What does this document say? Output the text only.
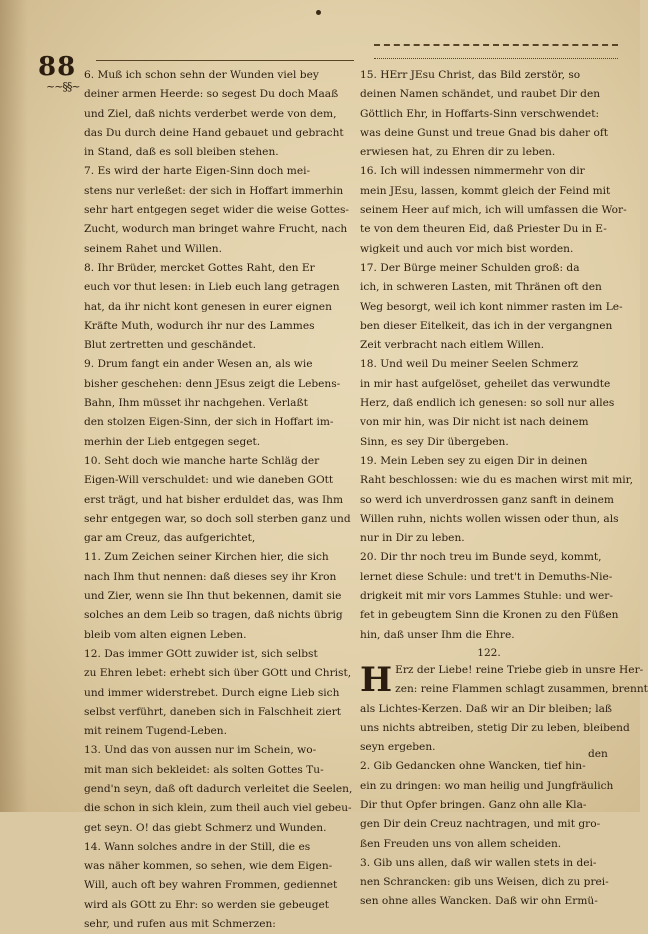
88
~~§§~
6. Muß ich schon sehn der Wunden viel bey
deiner armen Heerde: so segest Du doch Maaß
und Ziel, daß nichts verderbet werde von dem,
das Du durch deine Hand gebauet und gebracht
in Stand, daß es soll bleiben stehen.
7. Es wird der harte Eigen-Sinn doch mei-
stens nur verleßet: der sich in Hoffart immerhin
sehr hart entgegen seget wider die weise Gottes-
Zucht, wodurch man bringet wahre Frucht, nach
seinem Rahet und Willen.
8. Ihr Brüder, mercket Gottes Raht, den Er
euch vor thut lesen: in Lieb euch lang getragen
hat, da ihr nicht kont genesen in eurer eignen
Kräfte Muth, wodurch ihr nur des Lammes
Blut zertretten und geschändet.
9. Drum fangt ein ander Wesen an, als wie
bisher geschehen: denn JEsus zeigt die Lebens-
Bahn, Ihm müsset ihr nachgehen. Verlaßt
den stolzen Eigen-Sinn, der sich in Hoffart im-
merhin der Lieb entgegen seget.
10. Seht doch wie manche harte Schläg der
Eigen-Will verschuldet: und wie daneben GOtt
erst trägt, und hat bisher erduldet das, was Ihm
sehr entgegen war, so doch soll sterben ganz und
gar am Creuz, das aufgerichtet,
11. Zum Zeichen seiner Kirchen hier, die sich
nach Ihm thut nennen: daß dieses sey ihr Kron
und Zier, wenn sie Ihn thut bekennen, damit sie
solches an dem Leib so tragen, daß nichts übrig
bleib vom alten eignen Leben.
12. Das immer GOtt zuwider ist, sich selbst
zu Ehren lebet: erhebt sich über GOtt und Christ,
und immer widerstrebet. Durch eigne Lieb sich
selbst verführt, daneben sich in Falschheit ziert
mit reinem Tugend-Leben.
13. Und das von aussen nur im Schein, wo-
mit man sich bekleidet: als solten Gottes Tu-
gend'n seyn, daß oft dadurch verleitet die Seelen,
die schon in sich klein, zum theil auch viel gebeu-
get seyn. O! das giebt Schmerz und Wunden.
14. Wann solches andre in der Still, die es
was näher kommen, so sehen, wie dem Eigen-
Will, auch oft bey wahren Frommen, gediennet
wird als GOtt zu Ehr: so werden sie gebeuget
sehr, und rufen aus mit Schmerzen:
15. HErr JEsu Christ, das Bild zerstör, so
deinen Namen schändet, und raubet Dir den
Göttlich Ehr, in Hoffarts-Sinn verschwendet:
was deine Gunst und treue Gnad bis daher oft
erwiesen hat, zu Ehren dir zu leben.
16. Ich will indessen nimmermehr von dir
mein JEsu, lassen, kommt gleich der Feind mit
seinem Heer auf mich, ich will umfassen die Wor-
te von dem theuren Eid, daß Priester Du in E-
wigkeit und auch vor mich bist worden.
17. Der Bürge meiner Schulden groß: da
ich, in schweren Lasten, mit Thränen oft den
Weg besorgt, weil ich kont nimmer rasten im Le-
ben dieser Eitelkeit, das ich in der vergangnen
Zeit verbracht nach eitlem Willen.
18. Und weil Du meiner Seelen Schmerz
in mir hast aufgelöset, geheilet das verwundte
Herz, daß endlich ich genesen: so soll nur alles
von mir hin, was Dir nicht ist nach deinem
Sinn, es sey Dir übergeben.
19. Mein Leben sey zu eigen Dir in deinen
Raht beschlossen: wie du es machen wirst mit mir,
so werd ich unverdrossen ganz sanft in deinem
Willen ruhn, nichts wollen wissen oder thun, als
nur in Dir zu leben.
20. Dir thr noch treu im Bunde seyd, kommt,
lernet diese Schule: und tret't in Demuths-Nie-
drigkeit mit mir vors Lammes Stuhle: und wer-
fet in gebeugtem Sinn die Kronen zu den Füßen
hin, daß unser Ihm die Ehre.
122.
H Erz der Liebe! reine Triebe gieb in unsre Her-
zen: reine Flammen schlagt zusammen, brennt
als Lichtes-Kerzen. Daß wir an Dir bleiben; laß
uns nichts abtreiben, stetig Dir zu leben, bleibend
seyn ergeben.
2. Gib Gedancken ohne Wancken, tief hin-
ein zu dringen: wo man heilig und Jungfräulich
Dir thut Opfer bringen. Ganz ohn alle Kla-
gen Dir dein Creuz nachtragen, und mit gro-
ßen Freuden uns von allem scheiden.
3. Gib uns allen, daß wir wallen stets in dei-
nen Schrancken: gib uns Weisen, dich zu prei-
sen ohne alles Wancken. Daß wir ohn Ermü-
den
